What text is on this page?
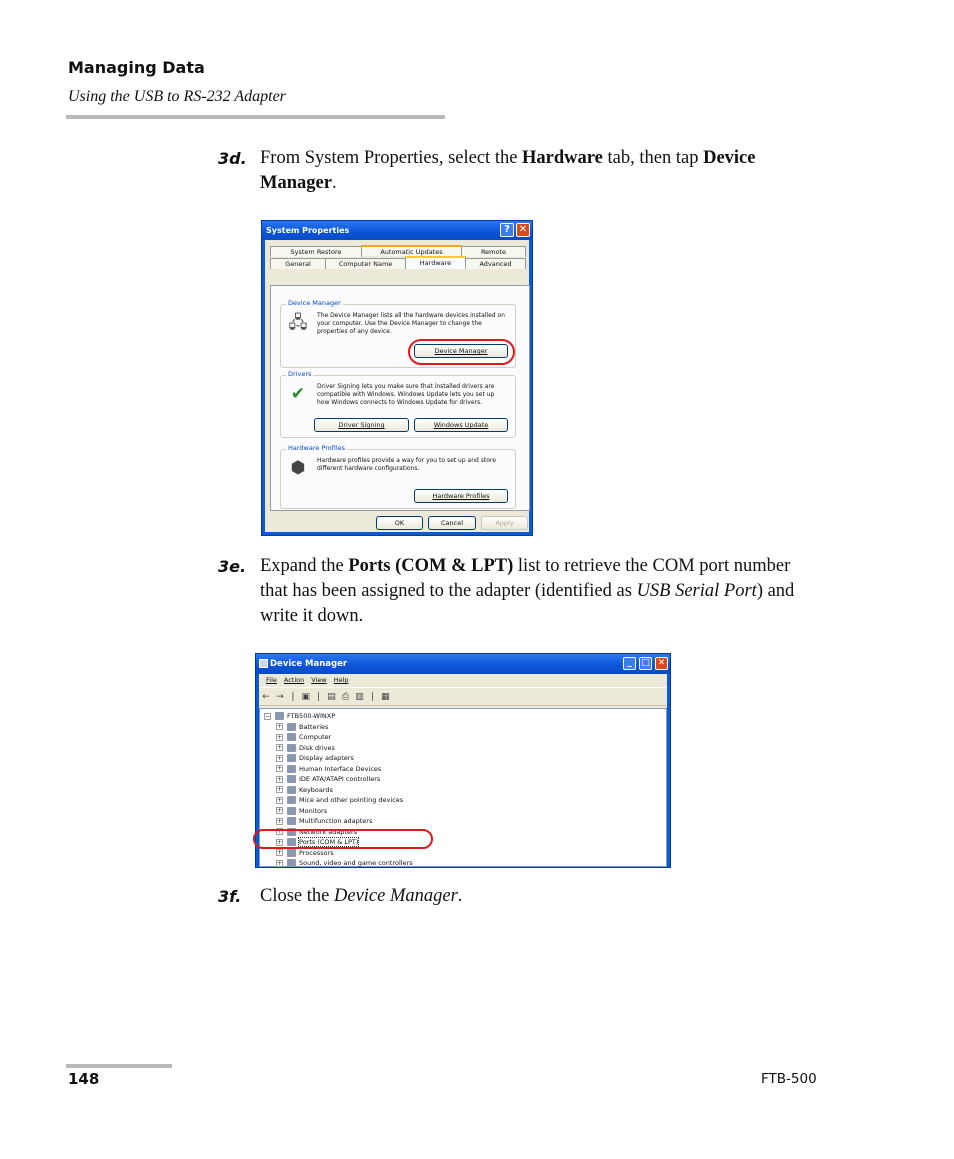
Managing Data
Using the USB to RS-232 Adapter
3d. From System Properties, select the Hardware tab, then tap Device Manager.
System Properties	? ✕
System Restore	Automatic Updates	Remote
General	Computer Name	Hardware	Advanced
Device Manager
🖧 The Device Manager lists all the hardware devices installed on your computer. Use the Device Manager to change the properties of any device.
Device Manager
Drivers
✔	Driver Signing lets you make sure that installed drivers are compatible with Windows. Windows Update lets you set up how Windows connects to Windows Update for drivers.
Driver Signing	Windows Update
Hardware Profiles
⬢	Hardware profiles provide a way for you to set up and store different hardware configurations.
Hardware Profiles
OK	Cancel	Apply
3e. Expand the Ports (COM & LPT) list to retrieve the COM port number that has been assigned to the adapter (identified as USB Serial Port) and write it down.
Device Manager	_	□ ✕
File Action View Help
← → | ▣ | ▤ ⎙ ▥ | ▦
−	FTB500-WINXP
+	Batteries
+	Computer
+	Disk drives
+	Display adapters
+	Human Interface Devices
+	IDE ATA/ATAPI controllers
+	Keyboards
+	Mice and other pointing devices
+	Monitors
+	Multifunction adapters
+	Network adapters
+	Ports (COM & LPT)
+	Processors
+	Sound, video and game controllers
3f. Close the Device Manager.
148	FTB-500
